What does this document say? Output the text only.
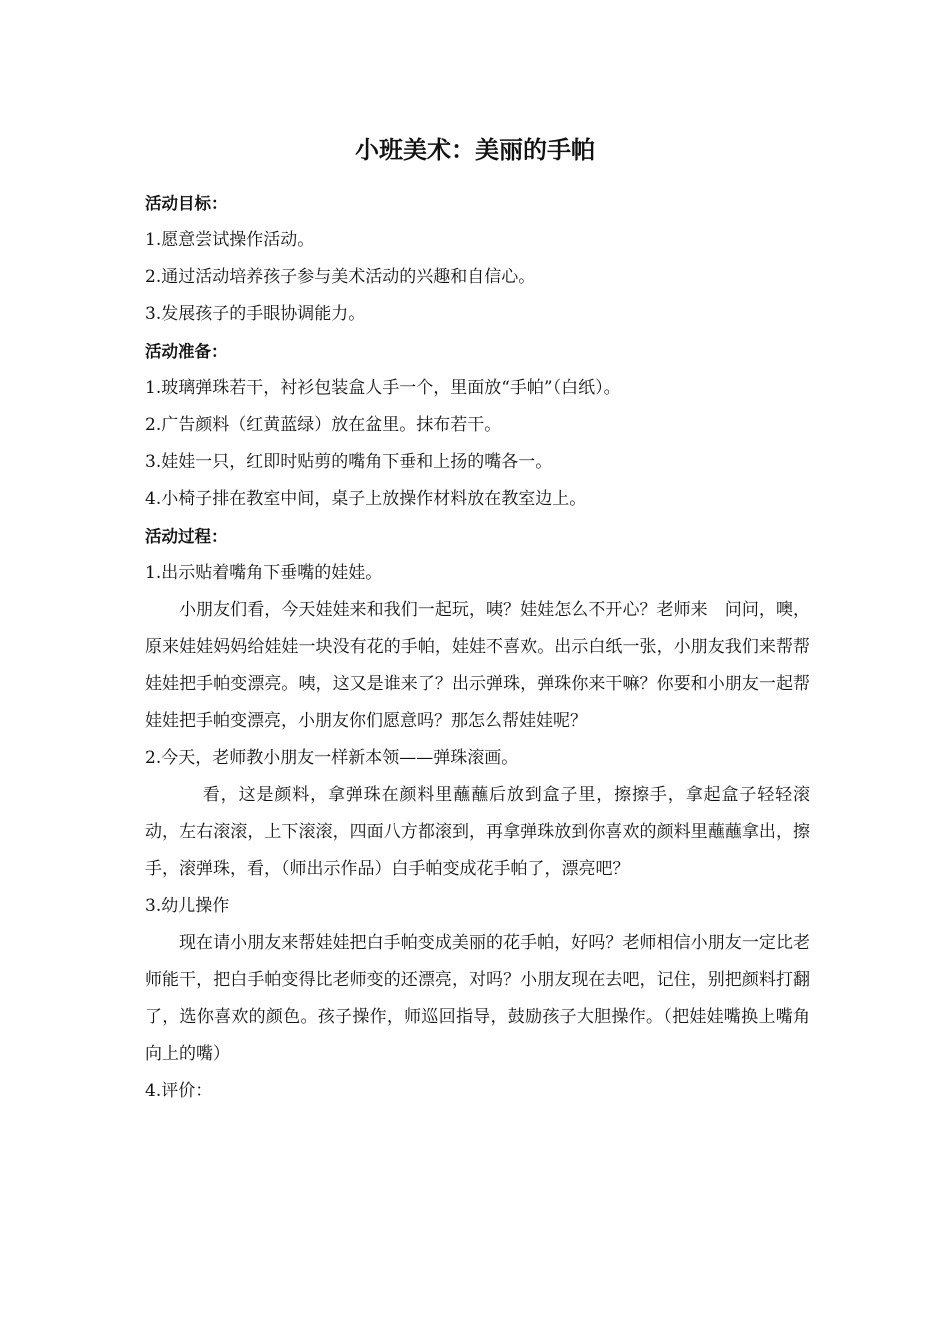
小班美术：美丽的手帕
活动目标：
1.愿意尝试操作活动。
2.通过活动培养孩子参与美术活动的兴趣和自信心。
3.发展孩子的手眼协调能力。
活动准备：
1.玻璃弹珠若干，衬衫包装盒人手一个，里面放“手帕”（白纸）。
2.广告颜料（红黄蓝绿）放在盆里。抹布若干。
3.娃娃一只，红即时贴剪的嘴角下垂和上扬的嘴各一。
4.小椅子排在教室中间，桌子上放操作材料放在教室边上。
活动过程：
1.出示贴着嘴角下垂嘴的娃娃。

小朋友们看，今天娃娃来和我们一起玩，咦？娃娃怎么不开心？老师来　问问，噢，原来娃娃妈妈给娃娃一块没有花的手帕，娃娃不喜欢。出示白纸一张，小朋友我们来帮帮娃娃把手帕变漂亮。咦，这又是谁来了？出示弹珠，弹珠你来干嘛？你要和小朋友一起帮娃娃把手帕变漂亮，小朋友你们愿意吗？那怎么帮娃娃呢？

2.今天，老师教小朋友一样新本领——弹珠滚画。

看，这是颜料，拿弹珠在颜料里蘸蘸后放到盒子里，擦擦手，拿起盒子轻轻滚动，左右滚滚，上下滚滚，四面八方都滚到，再拿弹珠放到你喜欢的颜料里蘸蘸拿出，擦手，滚弹珠，看，（师出示作品）白手帕变成花手帕了，漂亮吧？

3.幼儿操作

现在请小朋友来帮娃娃把白手帕变成美丽的花手帕，好吗？老师相信小朋友一定比老师能干，把白手帕变得比老师变的还漂亮，对吗？小朋友现在去吧，记住，别把颜料打翻了，选你喜欢的颜色。孩子操作，师巡回指导，鼓励孩子大胆操作。（把娃娃嘴换上嘴角向上的嘴）

4.评价：
